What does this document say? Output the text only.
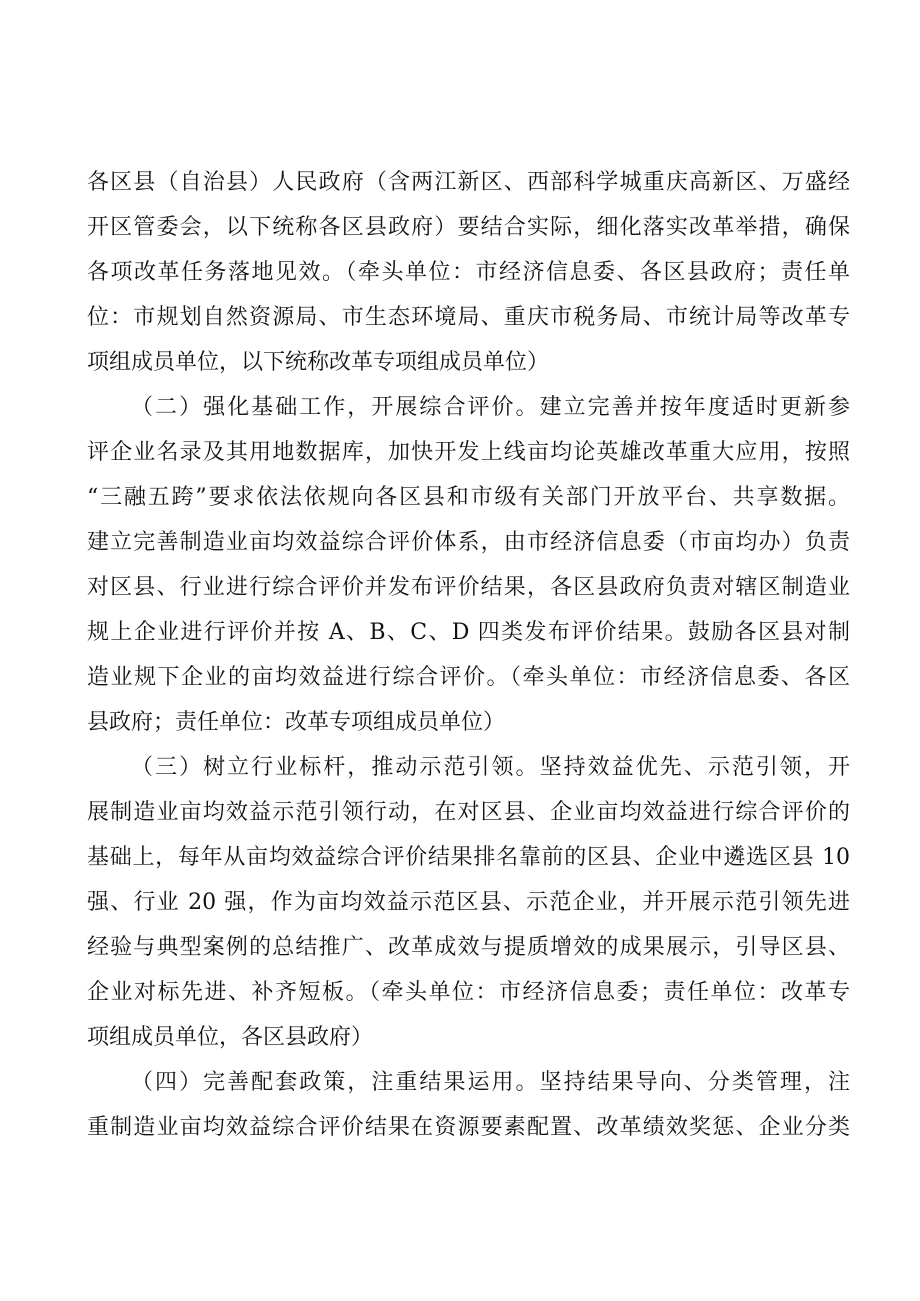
各区县（自治县）人民政府（含两江新区、西部科学城重庆高新区、万盛经
开区管委会，以下统称各区县政府）要结合实际，细化落实改革举措，确保
各项改革任务落地见效。（牵头单位：市经济信息委、各区县政府；责任单
位：市规划自然资源局、市生态环境局、重庆市税务局、市统计局等改革专
项组成员单位，以下统称改革专项组成员单位）
（二）强化基础工作，开展综合评价。建立完善并按年度适时更新参
评企业名录及其用地数据库，加快开发上线亩均论英雄改革重大应用，按照
“三融五跨”要求依法依规向各区县和市级有关部门开放平台、共享数据。
建立完善制造业亩均效益综合评价体系，由市经济信息委（市亩均办）负责
对区县、行业进行综合评价并发布评价结果，各区县政府负责对辖区制造业
规上企业进行评价并按 A、B、C、D 四类发布评价结果。鼓励各区县对制
造业规下企业的亩均效益进行综合评价。（牵头单位：市经济信息委、各区
县政府；责任单位：改革专项组成员单位）
（三）树立行业标杆，推动示范引领。坚持效益优先、示范引领，开
展制造业亩均效益示范引领行动，在对区县、企业亩均效益进行综合评价的
基础上，每年从亩均效益综合评价结果排名靠前的区县、企业中遴选区县 10
强、行业 20 强，作为亩均效益示范区县、示范企业，并开展示范引领先进
经验与典型案例的总结推广、改革成效与提质增效的成果展示，引导区县、
企业对标先进、补齐短板。（牵头单位：市经济信息委；责任单位：改革专
项组成员单位，各区县政府）
（四）完善配套政策，注重结果运用。坚持结果导向、分类管理，注
重制造业亩均效益综合评价结果在资源要素配置、改革绩效奖惩、企业分类
